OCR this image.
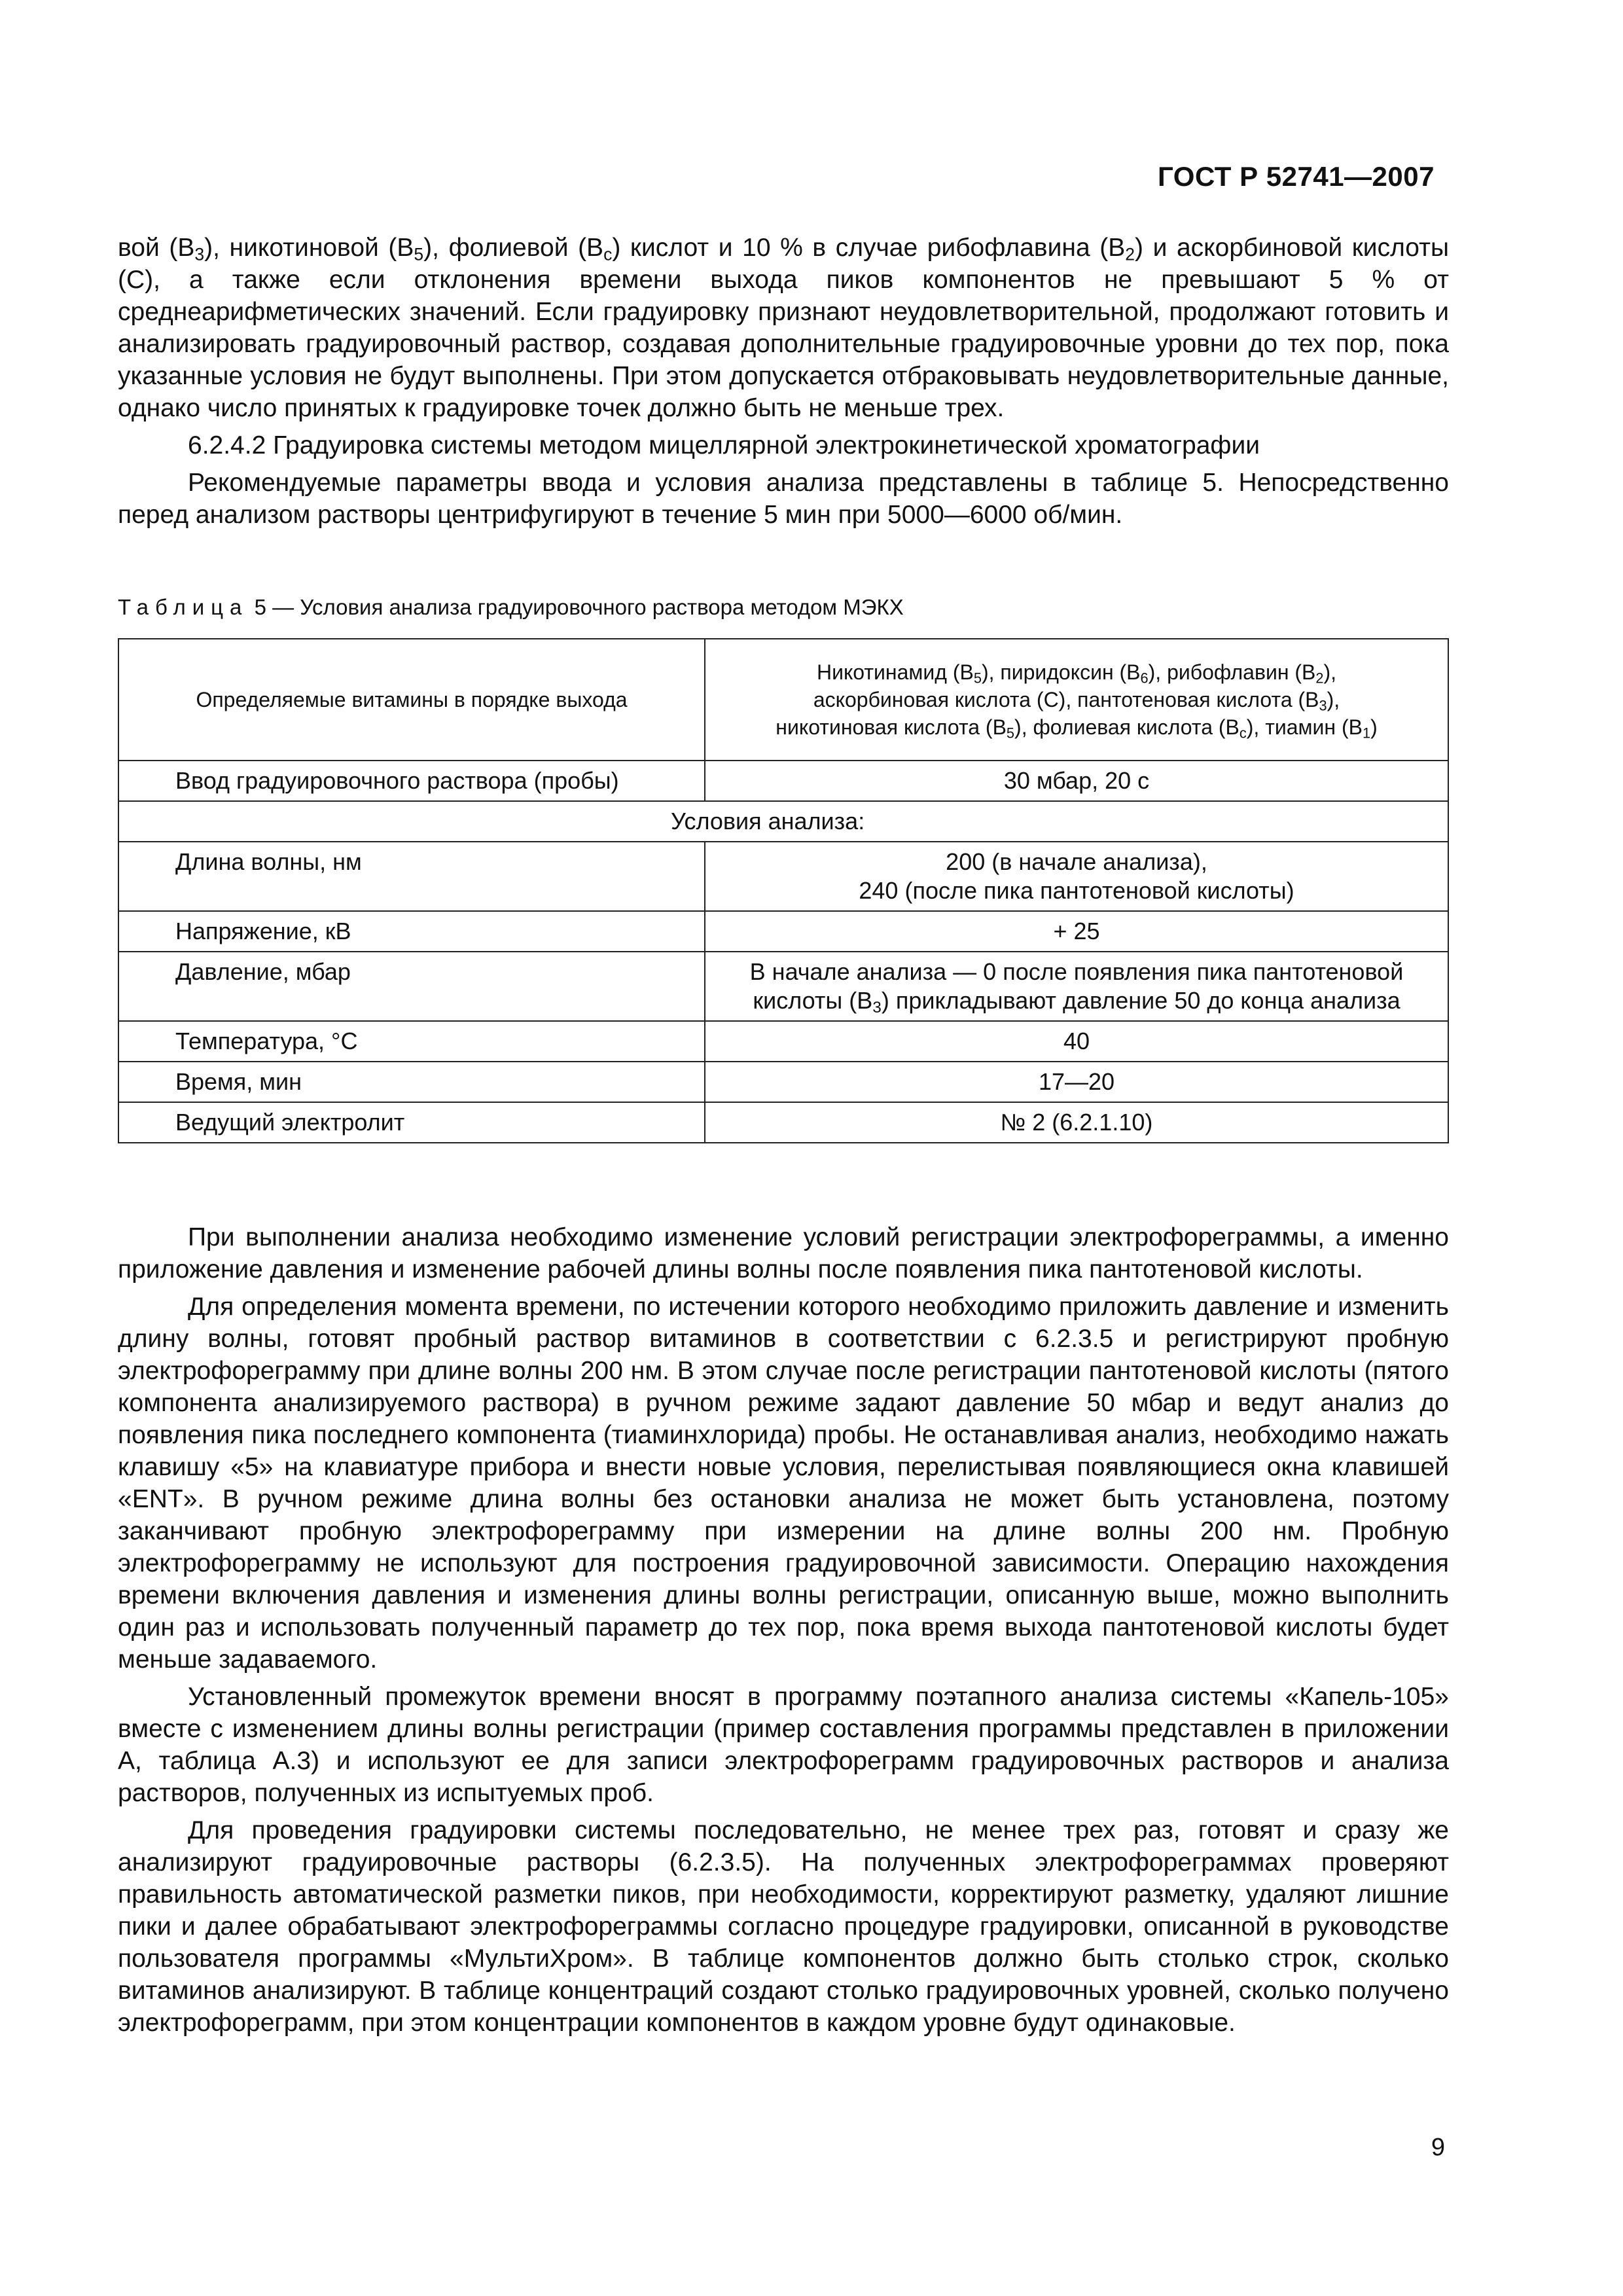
ГОСТ Р 52741—2007

вой $(В_3)$, никотиновой $(В_5)$, фолиевой $(В_c)$ кислот и 10 % в случае рибофлавина $(В_2)$ и аскорбиновой кислоты (С), а также если отклонения времени выхода пиков компонентов не превышают 5 % от среднеарифметических значений. Если градуировку признают неудовлетворительной, продолжают готовить и анализировать градуировочный раствор, создавая дополнительные градуировочные уровни до тех пор, пока указанные условия не будут выполнены. При этом допускается отбраковывать неудовлетворительные данные, однако число принятых к градуировке точек должно быть не меньше трех.

6.2.4.2 Градуировка системы методом мицеллярной электрокинетической хроматографии

Рекомендуемые параметры ввода и условия анализа представлены в таблице 5. Непосредственно перед анализом растворы центрифугируют в течение 5 мин при 5000—6000 об/мин.

Таблица 5 — Условия анализа градуировочного раствора методом МЭКХ
Определяемые витамины в порядке выхода	Никотинамид $(В_5)$, пиридоксин $(В_6)$, рибофлавин $(В_2)$,
аскорбиновая кислота (С), пантотеновая кислота $(В_3)$,
никотиновая кислота $(В_5)$, фолиевая кислота $(В_c)$, тиамин $(В_1)$
Ввод градуировочного раствора (пробы)	30 мбар, 20 с
Условия анализа:	
Длина волны, нм	200 (в начале анализа),
240 (после пика пантотеновой кислоты)
Напряжение, кВ	+ 25
Давление, мбар	В начале анализа — 0 после появления пика пантотеновой
кислоты $(В_3)$ прикладывают давление 50 до конца анализа
Температура, °С	40
Время, мин	17—20
Ведущий электролит	№ 2 (6.2.1.10)

При выполнении анализа необходимо изменение условий регистрации электрофореграммы, а именно приложение давления и изменение рабочей длины волны после появления пика пантотеновой кислоты.

Для определения момента времени, по истечении которого необходимо приложить давление и изменить длину волны, готовят пробный раствор витаминов в соответствии с 6.2.3.5 и регистрируют пробную электрофореграмму при длине волны 200 нм. В этом случае после регистрации пантотеновой кислоты (пятого компонента анализируемого раствора) в ручном режиме задают давление 50 мбар и ведут анализ до появления пика последнего компонента (тиаминхлорида) пробы. Не останавливая анализ, необходимо нажать клавишу «5» на клавиатуре прибора и внести новые условия, перелистывая появляющиеся окна клавишей «ENT». В ручном режиме длина волны без остановки анализа не может быть установлена, поэтому заканчивают пробную электрофореграмму при измерении на длине волны 200 нм. Пробную электрофореграмму не используют для построения градуировочной зависимости. Операцию нахождения времени включения давления и изменения длины волны регистрации, описанную выше, можно выполнить один раз и использовать полученный параметр до тех пор, пока время выхода пантотеновой кислоты будет меньше задаваемого.

Установленный промежуток времени вносят в программу поэтапного анализа системы «Капель-105» вместе с изменением длины волны регистрации (пример составления программы представлен в приложении А, таблица А.3) и используют ее для записи электрофореграмм градуировочных растворов и анализа растворов, полученных из испытуемых проб.

Для проведения градуировки системы последовательно, не менее трех раз, готовят и сразу же анализируют градуировочные растворы (6.2.3.5). На полученных электрофореграммах проверяют правильность автоматической разметки пиков, при необходимости, корректируют разметку, удаляют лишние пики и далее обрабатывают электрофореграммы согласно процедуре градуировки, описанной в руководстве пользователя программы «МультиХром». В таблице компонентов должно быть столько строк, сколько витаминов анализируют. В таблице концентраций создают столько градуировочных уровней, сколько получено электрофореграмм, при этом концентрации компонентов в каждом уровне будут одинаковые.

9
